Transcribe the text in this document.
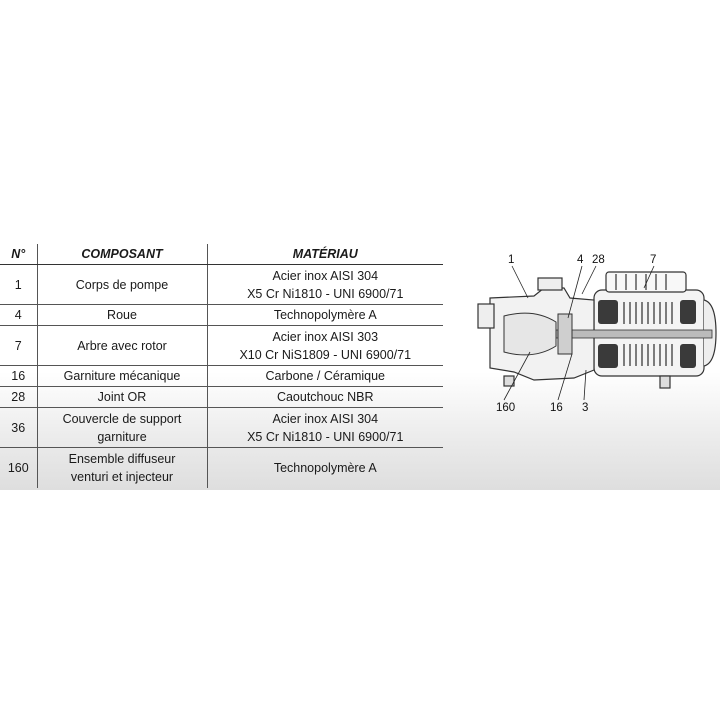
N°	COMPOSANT	MATÉRIAU
1	Corps de pompe	Acier inox AISI 304
X5 Cr Ni1810 - UNI 6900/71
4	Roue	Technopolymère A
7	Arbre avec rotor	Acier inox AISI 303
X10 Cr NiS1809 - UNI 6900/71
16	Garniture mécanique	Carbone / Céramique
28	Joint OR	Caoutchouc NBR
36	Couvercle de support
garniture	Acier inox AISI 304
X5 Cr Ni1810 - UNI 6900/71
160	Ensemble diffuseur
venturi et injecteur	Technopolymère A
1	4 28	7
160	16 3
